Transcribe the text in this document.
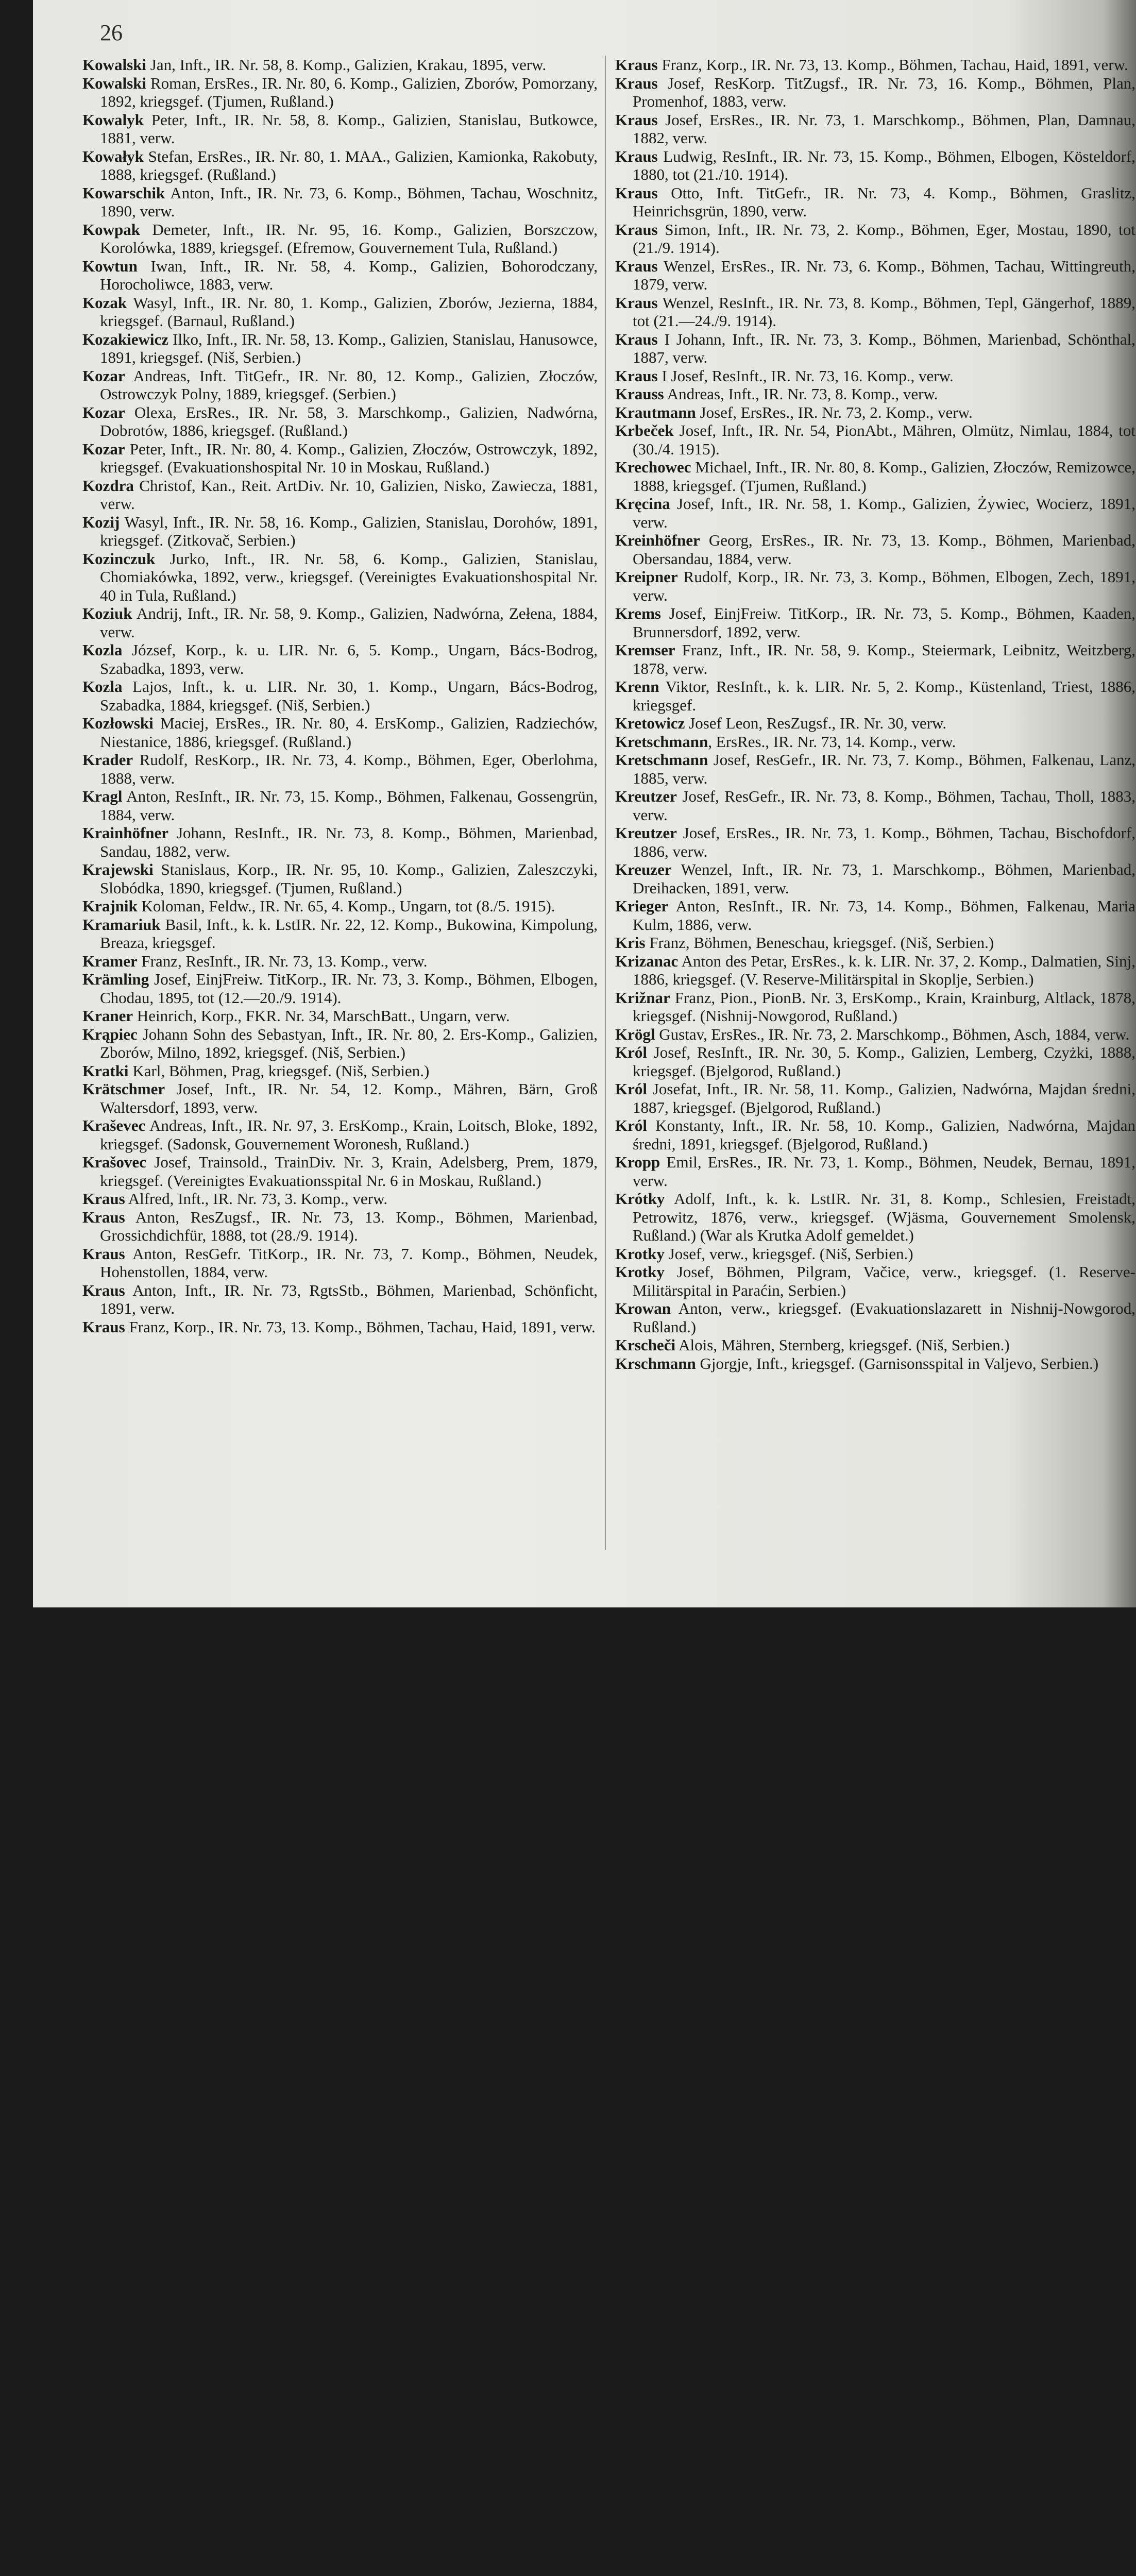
26

Kowalski Jan, Inft., IR. Nr. 58, 8. Komp., Galizien, Krakau, 1895, verw.

Kowalski Roman, ErsRes., IR. Nr. 80, 6. Komp., Galizien, Zborów, Pomorzany, 1892, kriegsgef. (Tjumen, Rußland.)

Kowalyk Peter, Inft., IR. Nr. 58, 8. Komp., Galizien, Stanislau, Butkowce, 1881, verw.

Kowałyk Stefan, ErsRes., IR. Nr. 80, 1. MAA., Galizien, Kamionka, Rakobuty, 1888, kriegsgef. (Rußland.)

Kowarschik Anton, Inft., IR. Nr. 73, 6. Komp., Böhmen, Tachau, Woschnitz, 1890, verw.

Kowpak Demeter, Inft., IR. Nr. 95, 16. Komp., Galizien, Borszczow, Korolówka, 1889, kriegsgef. (Efremow, Gouvernement Tula, Rußland.)

Kowtun Iwan, Inft., IR. Nr. 58, 4. Komp., Galizien, Bohorodczany, Horocholiwce, 1883, verw.

Kozak Wasyl, Inft., IR. Nr. 80, 1. Komp., Galizien, Zborów, Jezierna, 1884, kriegsgef. (Barnaul, Rußland.)

Kozakiewicz Ilko, Inft., IR. Nr. 58, 13. Komp., Galizien, Stanislau, Hanusowce, 1891, kriegsgef. (Niš, Serbien.)

Kozar Andreas, Inft. TitGefr., IR. Nr. 80, 12. Komp., Galizien, Złoczów, Ostrowczyk Polny, 1889, kriegsgef. (Serbien.)

Kozar Olexa, ErsRes., IR. Nr. 58, 3. Marschkomp., Galizien, Nadwórna, Dobrotów, 1886, kriegsgef. (Rußland.)

Kozar Peter, Inft., IR. Nr. 80, 4. Komp., Galizien, Złoczów, Ostrowczyk, 1892, kriegsgef. (Evakuationshospital Nr. 10 in Moskau, Rußland.)

Kozdra Christof, Kan., Reit. ArtDiv. Nr. 10, Galizien, Nisko, Zawiecza, 1881, verw.

Kozij Wasyl, Inft., IR. Nr. 58, 16. Komp., Galizien, Stanislau, Dorohów, 1891, kriegsgef. (Zitkovač, Serbien.)

Kozinczuk Jurko, Inft., IR. Nr. 58, 6. Komp., Galizien, Stanislau, Chomiakówka, 1892, verw., kriegsgef. (Vereinigtes Evakuationshospital Nr. 40 in Tula, Rußland.)

Koziuk Andrij, Inft., IR. Nr. 58, 9. Komp., Galizien, Nadwórna, Zełena, 1884, verw.

Kozla József, Korp., k. u. LIR. Nr. 6, 5. Komp., Ungarn, Bács-Bodrog, Szabadka, 1893, verw.

Kozla Lajos, Inft., k. u. LIR. Nr. 30, 1. Komp., Ungarn, Bács-Bodrog, Szabadka, 1884, kriegsgef. (Niš, Serbien.)

Kozłowski Maciej, ErsRes., IR. Nr. 80, 4. ErsKomp., Galizien, Radziechów, Niestanice, 1886, kriegsgef. (Rußland.)

Krader Rudolf, ResKorp., IR. Nr. 73, 4. Komp., Böhmen, Eger, Oberlohma, 1888, verw.

Kragl Anton, ResInft., IR. Nr. 73, 15. Komp., Böhmen, Falkenau, Gossengrün, 1884, verw.

Krainhöfner Johann, ResInft., IR. Nr. 73, 8. Komp., Böhmen, Marienbad, Sandau, 1882, verw.

Krajewski Stanislaus, Korp., IR. Nr. 95, 10. Komp., Galizien, Zaleszczyki, Slobódka, 1890, kriegsgef. (Tjumen, Rußland.)

Krajnik Koloman, Feldw., IR. Nr. 65, 4. Komp., Ungarn, tot (8./5. 1915).

Kramariuk Basil, Inft., k. k. LstIR. Nr. 22, 12. Komp., Bukowina, Kimpolung, Breaza, kriegsgef.

Kramer Franz, ResInft., IR. Nr. 73, 13. Komp., verw.

Krämling Josef, EinjFreiw. TitKorp., IR. Nr. 73, 3. Komp., Böhmen, Elbogen, Chodau, 1895, tot (12.—20./9. 1914).

Kraner Heinrich, Korp., FKR. Nr. 34, MarschBatt., Ungarn, verw.

Krąpiec Johann Sohn des Sebastyan, Inft., IR. Nr. 80, 2. Ers-Komp., Galizien, Zborów, Milno, 1892, kriegsgef. (Niš, Serbien.)

Kratki Karl, Böhmen, Prag, kriegsgef. (Niš, Serbien.)

Krätschmer Josef, Inft., IR. Nr. 54, 12. Komp., Mähren, Bärn, Groß Waltersdorf, 1893, verw.

Kraševec Andreas, Inft., IR. Nr. 97, 3. ErsKomp., Krain, Loitsch, Bloke, 1892, kriegsgef. (Sadonsk, Gouvernement Woronesh, Rußland.)

Krašovec Josef, Trainsold., TrainDiv. Nr. 3, Krain, Adelsberg, Prem, 1879, kriegsgef. (Vereinigtes Evakuationsspital Nr. 6 in Moskau, Rußland.)

Kraus Alfred, Inft., IR. Nr. 73, 3. Komp., verw.

Kraus Anton, ResZugsf., IR. Nr. 73, 13. Komp., Böhmen, Marienbad, Grossichdichfür, 1888, tot (28./9. 1914).

Kraus Anton, ResGefr. TitKorp., IR. Nr. 73, 7. Komp., Böhmen, Neudek, Hohenstollen, 1884, verw.

Kraus Anton, Inft., IR. Nr. 73, RgtsStb., Böhmen, Marienbad, Schönficht, 1891, verw.

Kraus Franz, Korp., IR. Nr. 73, 13. Komp., Böhmen, Tachau, Haid, 1891, verw.

Kraus Franz, Korp., IR. Nr. 73, 13. Komp., Böhmen, Tachau, Haid, 1891, verw.

Kraus Josef, ResKorp. TitZugsf., IR. Nr. 73, 16. Komp., Böhmen, Plan, Promenhof, 1883, verw.

Kraus Josef, ErsRes., IR. Nr. 73, 1. Marschkomp., Böhmen, Plan, Damnau, 1882, verw.

Kraus Ludwig, ResInft., IR. Nr. 73, 15. Komp., Böhmen, Elbogen, Kösteldorf, 1880, tot (21./10. 1914).

Kraus Otto, Inft. TitGefr., IR. Nr. 73, 4. Komp., Böhmen, Graslitz, Heinrichsgrün, 1890, verw.

Kraus Simon, Inft., IR. Nr. 73, 2. Komp., Böhmen, Eger, Mostau, 1890, tot (21./9. 1914).

Kraus Wenzel, ErsRes., IR. Nr. 73, 6. Komp., Böhmen, Tachau, Wittingreuth, 1879, verw.

Kraus Wenzel, ResInft., IR. Nr. 73, 8. Komp., Böhmen, Tepl, Gängerhof, 1889, tot (21.—24./9. 1914).

Kraus I Johann, Inft., IR. Nr. 73, 3. Komp., Böhmen, Marienbad, Schönthal, 1887, verw.

Kraus I Josef, ResInft., IR. Nr. 73, 16. Komp., verw.

Krauss Andreas, Inft., IR. Nr. 73, 8. Komp., verw.

Krautmann Josef, ErsRes., IR. Nr. 73, 2. Komp., verw.

Krbeček Josef, Inft., IR. Nr. 54, PionAbt., Mähren, Olmütz, Nimlau, 1884, tot (30./4. 1915).

Krechowec Michael, Inft., IR. Nr. 80, 8. Komp., Galizien, Złoczów, Remizowce, 1888, kriegsgef. (Tjumen, Rußland.)

Kręcina Josef, Inft., IR. Nr. 58, 1. Komp., Galizien, Żywiec, Wocierz, 1891, verw.

Kreinhöfner Georg, ErsRes., IR. Nr. 73, 13. Komp., Böhmen, Marienbad, Obersandau, 1884, verw.

Kreipner Rudolf, Korp., IR. Nr. 73, 3. Komp., Böhmen, Elbogen, Zech, 1891, verw.

Krems Josef, EinjFreiw. TitKorp., IR. Nr. 73, 5. Komp., Böhmen, Kaaden, Brunnersdorf, 1892, verw.

Kremser Franz, Inft., IR. Nr. 58, 9. Komp., Steiermark, Leibnitz, Weitzberg, 1878, verw.

Krenn Viktor, ResInft., k. k. LIR. Nr. 5, 2. Komp., Küstenland, Triest, 1886, kriegsgef.

Kretowicz Josef Leon, ResZugsf., IR. Nr. 30, verw.

Kretschmann, ErsRes., IR. Nr. 73, 14. Komp., verw.

Kretschmann Josef, ResGefr., IR. Nr. 73, 7. Komp., Böhmen, Falkenau, Lanz, 1885, verw.

Kreutzer Josef, ResGefr., IR. Nr. 73, 8. Komp., Böhmen, Tachau, Tholl, 1883, verw.

Kreutzer Josef, ErsRes., IR. Nr. 73, 1. Komp., Böhmen, Tachau, Bischofdorf, 1886, verw.

Kreuzer Wenzel, Inft., IR. Nr. 73, 1. Marschkomp., Böhmen, Marienbad, Dreihacken, 1891, verw.

Krieger Anton, ResInft., IR. Nr. 73, 14. Komp., Böhmen, Falkenau, Maria Kulm, 1886, verw.

Kris Franz, Böhmen, Beneschau, kriegsgef. (Niš, Serbien.)

Krizanac Anton des Petar, ErsRes., k. k. LIR. Nr. 37, 2. Komp., Dalmatien, Sinj, 1886, kriegsgef. (V. Reserve-Militärspital in Skoplje, Serbien.)

Križnar Franz, Pion., PionB. Nr. 3, ErsKomp., Krain, Krainburg, Altlack, 1878, kriegsgef. (Nishnij-Nowgorod, Rußland.)

Krögl Gustav, ErsRes., IR. Nr. 73, 2. Marschkomp., Böhmen, Asch, 1884, verw.

Król Josef, ResInft., IR. Nr. 30, 5. Komp., Galizien, Lemberg, Czyżki, 1888, kriegsgef. (Bjelgorod, Rußland.)

Król Josefat, Inft., IR. Nr. 58, 11. Komp., Galizien, Nadwórna, Majdan średni, 1887, kriegsgef. (Bjelgorod, Rußland.)

Król Konstanty, Inft., IR. Nr. 58, 10. Komp., Galizien, Nadwórna, Majdan średni, 1891, kriegsgef. (Bjelgorod, Rußland.)

Kropp Emil, ErsRes., IR. Nr. 73, 1. Komp., Böhmen, Neudek, Bernau, 1891, verw.

Krótky Adolf, Inft., k. k. LstIR. Nr. 31, 8. Komp., Schlesien, Freistadt, Petrowitz, 1876, verw., kriegsgef. (Wjäsma, Gouvernement Smolensk, Rußland.) (War als Krutka Adolf gemeldet.)

Krotky Josef, verw., kriegsgef. (Niš, Serbien.)

Krotky Josef, Böhmen, Pilgram, Vačice, verw., kriegsgef. (1. Reserve-Militärspital in Paraćin, Serbien.)

Krowan Anton, verw., kriegsgef. (Evakuationslazarett in Nishnij-Nowgorod, Rußland.)

Krscheči Alois, Mähren, Sternberg, kriegsgef. (Niš, Serbien.)

Krschmann Gjorgje, Inft., kriegsgef. (Garnisonsspital in Valjevo, Serbien.)
